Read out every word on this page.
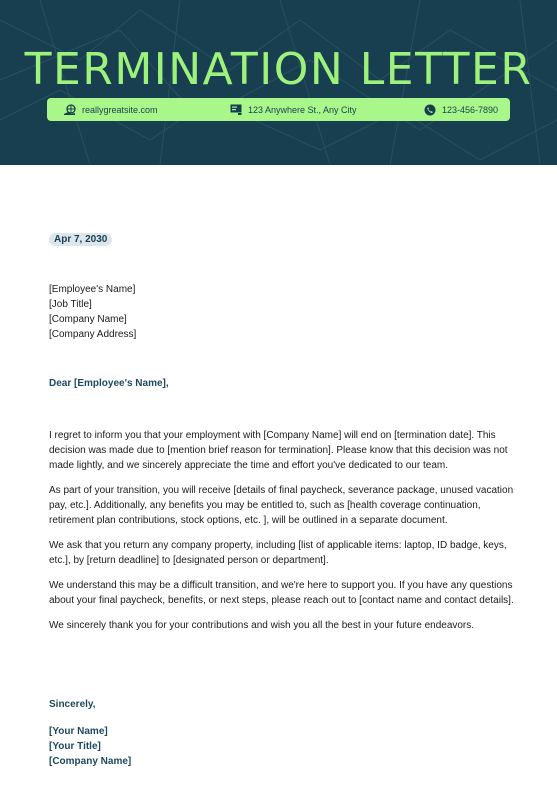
TERMINATION LETTER
reallygreatsite.com	123 Anywhere St., Any City	123-456-7890
Apr 7, 2030
[Employee's Name]
[Job Title]
[Company Name]
[Company Address]
Dear [Employee's Name],

I regret to inform you that your employment with [Company Name] will end on [termination date]. This decision was made due to [mention brief reason for termination]. Please know that this decision was not made lightly, and we sincerely appreciate the time and effort you've dedicated to our team.

As part of your transition, you will receive [details of final paycheck, severance package, unused vacation pay, etc.]. Additionally, any benefits you may be entitled to, such as [health coverage continuation, retirement plan contributions, stock options, etc. ], will be outlined in a separate document.

We ask that you return any company property, including [list of applicable items: laptop, ID badge, keys, etc.], by [return deadline] to [designated person or department].

We understand this may be a difficult transition, and we're here to support you. If you have any questions about your final paycheck, benefits, or next steps, please reach out to [contact name and contact details].

We sincerely thank you for your contributions and wish you all the best in your future endeavors.

Sincerely,
[Your Name]
[Your Title]
[Company Name]
